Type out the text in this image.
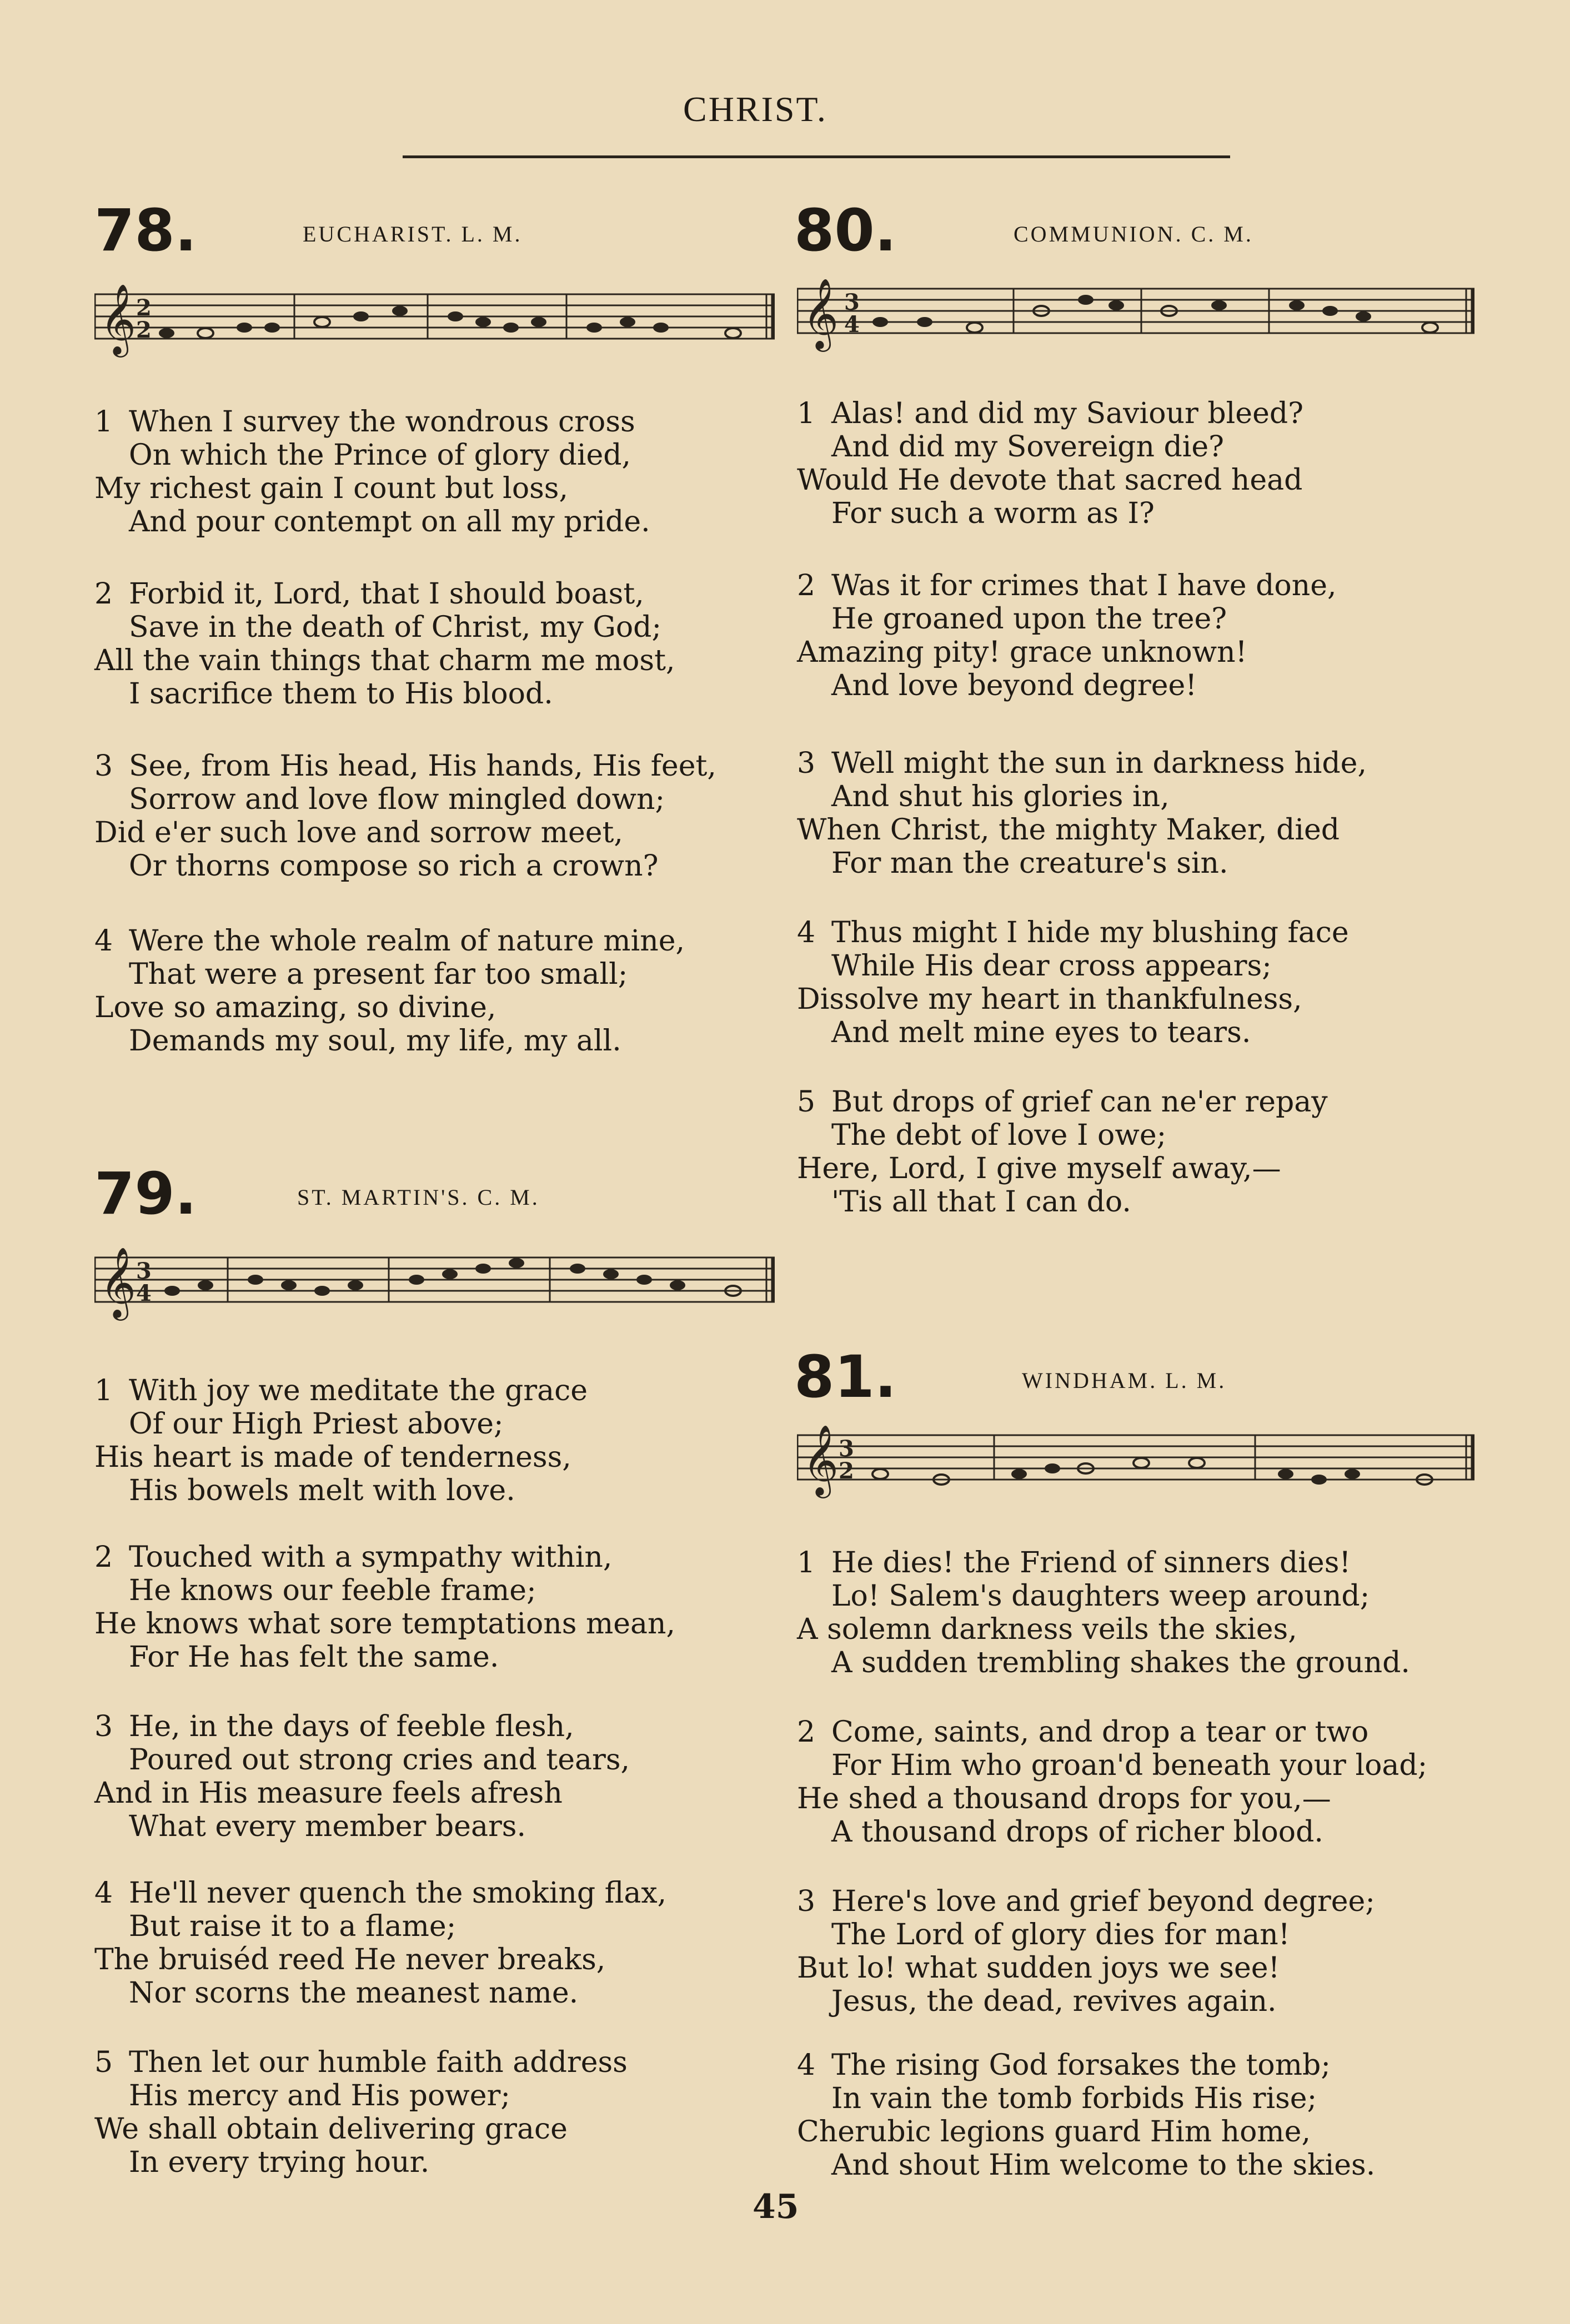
CHRIST.
78.	EUCHARIST. L. M.
𝄞 2
2
1 When I survey the wondrous cross
On which the Prince of glory died,
My richest gain I count but loss,
And pour contempt on all my pride.
2 Forbid it, Lord, that I should boast,
Save in the death of Christ, my God;
All the vain things that charm me most,
I sacrifice them to His blood.
3 See, from His head, His hands, His feet,
Sorrow and love flow mingled down;
Did e'er such love and sorrow meet,
Or thorns compose so rich a crown?
4 Were the whole realm of nature mine,
That were a present far too small;
Love so amazing, so divine,
Demands my soul, my life, my all.
79.	ST. MARTIN'S. C. M.
𝄞 3
4
1 With joy we meditate the grace
Of our High Priest above;
His heart is made of tenderness,
His bowels melt with love.
2 Touched with a sympathy within,
He knows our feeble frame;
He knows what sore temptations mean,
For He has felt the same.
3 He, in the days of feeble flesh,
Poured out strong cries and tears,
And in His measure feels afresh
What every member bears.
4 He'll never quench the smoking flax,
But raise it to a flame;
The bruiséd reed He never breaks,
Nor scorns the meanest name.
5 Then let our humble faith address
His mercy and His power;
We shall obtain delivering grace
In every trying hour.
80.	COMMUNION. C. M.
𝄞 3
4
1 Alas! and did my Saviour bleed?
And did my Sovereign die?
Would He devote that sacred head
For such a worm as I?
2 Was it for crimes that I have done,
He groaned upon the tree?
Amazing pity! grace unknown!
And love beyond degree!
3 Well might the sun in darkness hide,
And shut his glories in,
When Christ, the mighty Maker, died
For man the creature's sin.
4 Thus might I hide my blushing face
While His dear cross appears;
Dissolve my heart in thankfulness,
And melt mine eyes to tears.
5 But drops of grief can ne'er repay
The debt of love I owe;
Here, Lord, I give myself away,—
'Tis all that I can do.
81.	WINDHAM. L. M.
𝄞 3
2
1 He dies! the Friend of sinners dies!
Lo! Salem's daughters weep around;
A solemn darkness veils the skies,
A sudden trembling shakes the ground.
2 Come, saints, and drop a tear or two
For Him who groan'd beneath your load;
He shed a thousand drops for you,—
A thousand drops of richer blood.
3 Here's love and grief beyond degree;
The Lord of glory dies for man!
But lo! what sudden joys we see!
Jesus, the dead, revives again.
4 The rising God forsakes the tomb;
In vain the tomb forbids His rise;
Cherubic legions guard Him home,
And shout Him welcome to the skies.
45
